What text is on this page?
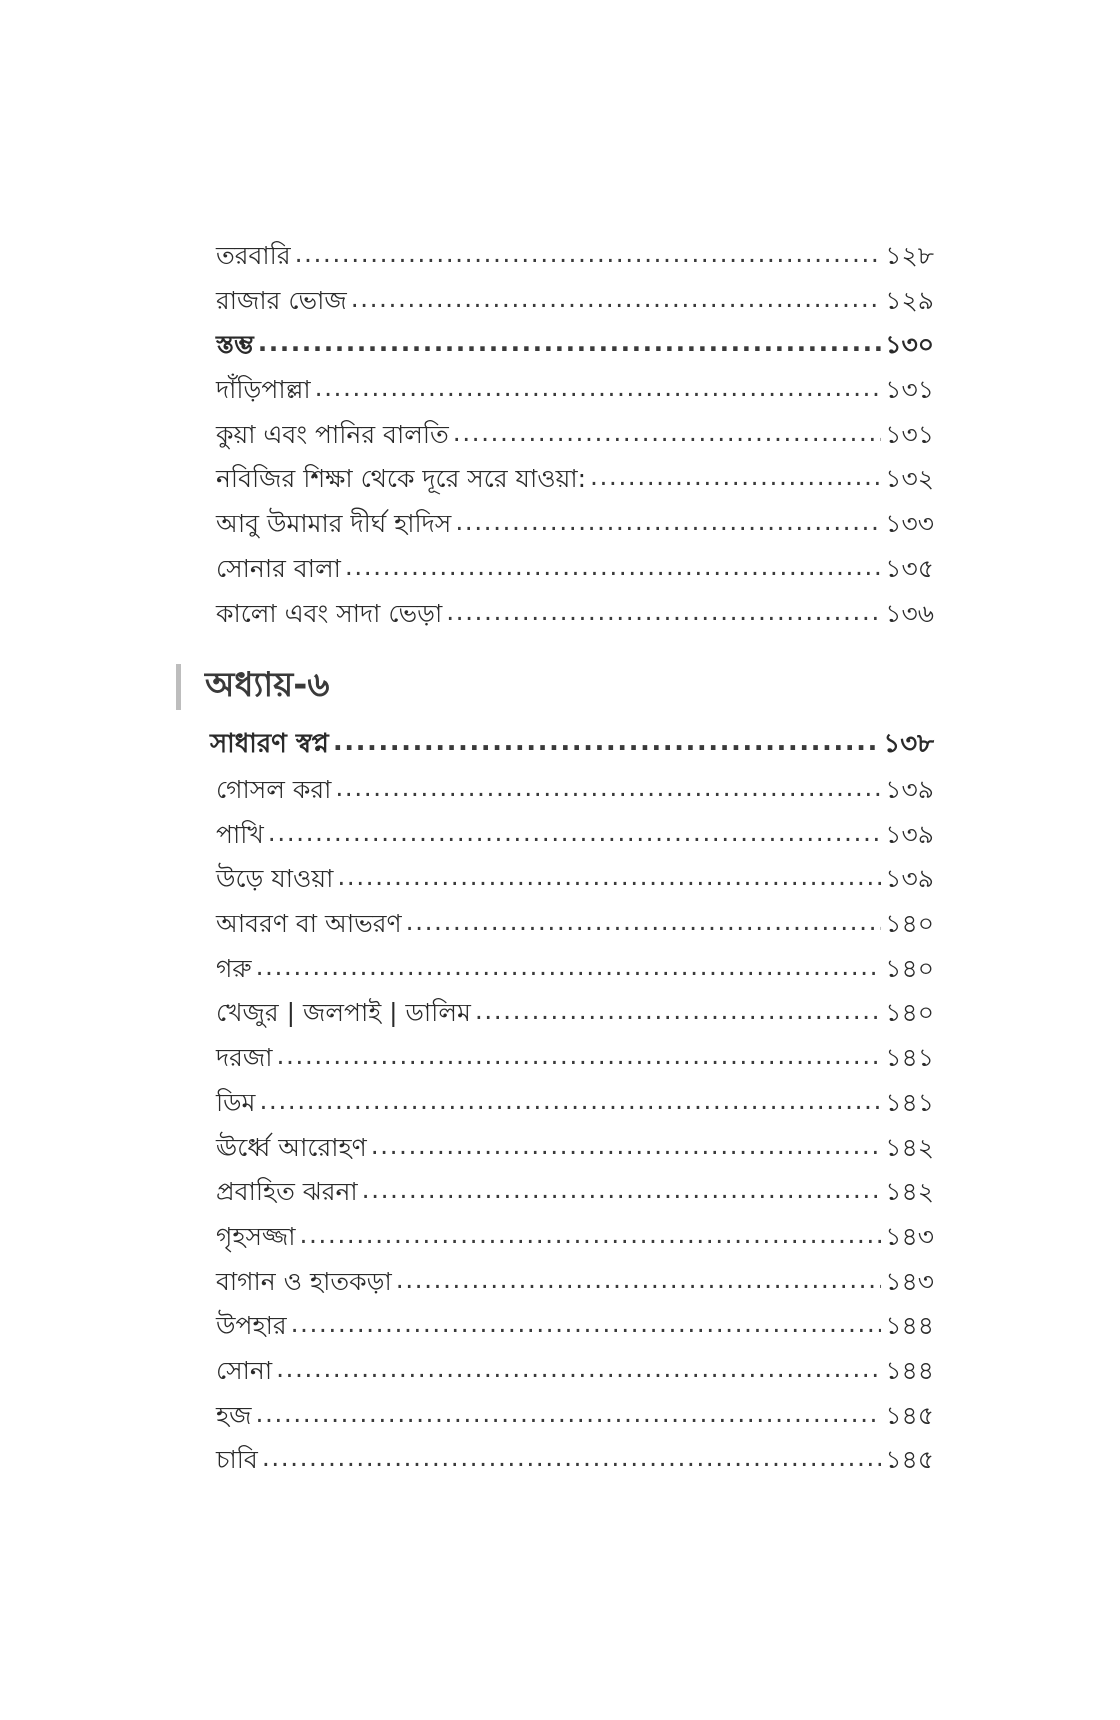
তরবারি .....	১২৮
রাজার ভোজ .....	১২৯
স্তম্ভ .....	১৩০
দাঁড়িপাল্লা .....	১৩১
কুয়া এবং পানির বালতি .....	১৩১
নবিজির শিক্ষা থেকে দূরে সরে যাওয়া: .....	১৩২
আবু উমামার দীর্ঘ হাদিস .....	১৩৩
সোনার বালা .....	১৩৫
কালো এবং সাদা ভেড়া .....	১৩৬
অধ্যায়-৬
সাধারণ স্বপ্ন .....	১৩৮
গোসল করা .....	১৩৯
পাখি .....	১৩৯
উড়ে যাওয়া .....	১৩৯
আবরণ বা আভরণ .....	১৪০
গরু .....	১৪০
খেজুর | জলপাই | ডালিম .....	১৪০
দরজা .....	১৪১
ডিম .....	১৪১
ঊর্ধ্বে আরোহণ .....	১৪২
প্রবাহিত ঝরনা .....	১৪২
গৃহসজ্জা .....	১৪৩
বাগান ও হাতকড়া .....	১৪৩
উপহার .....	১৪৪
সোনা .....	১৪৪
হজ .....	১৪৫
চাবি .....	১৪৫
